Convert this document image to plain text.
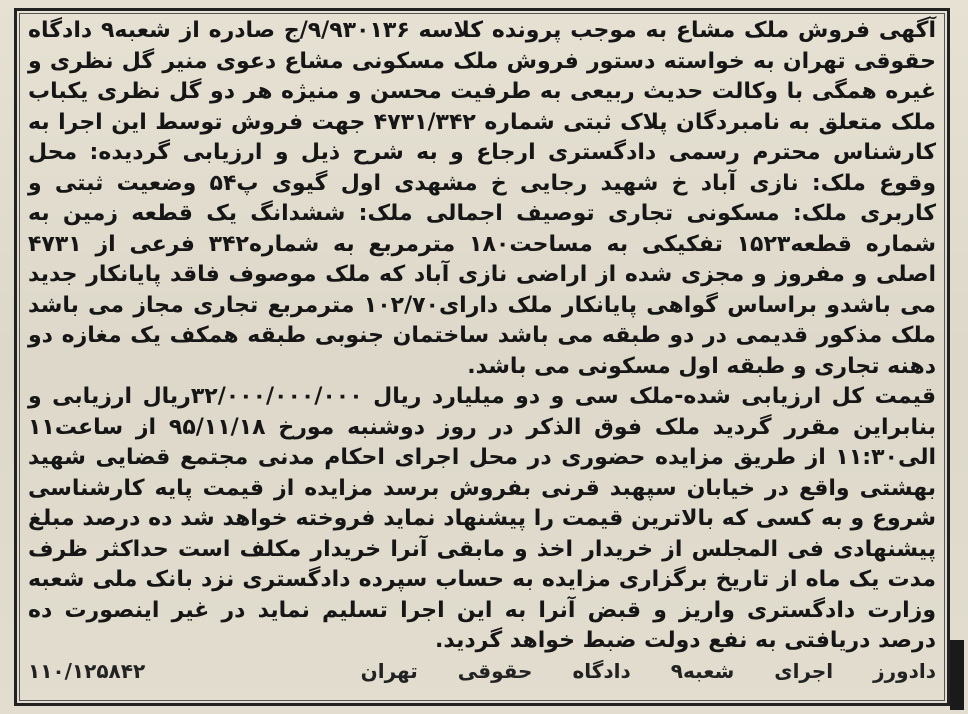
آگهی فروش ملک مشاع به موجب پرونده کلاسه ۹/۹۳۰۱۳۶/ج صادره از شعبه۹ دادگاه حقوقی تهران به خواسته دستور فروش ملک مسکونی مشاع دعوی منیر گل نظری و غیره همگی با وکالت حدیث ربیعی به طرفیت محسن و منیژه هر دو گل نظری یکباب ملک متعلق به نامبردگان پلاک ثبتی شماره ۴۷۳۱/۳۴۲ جهت فروش توسط این اجرا به کارشناس محترم رسمی دادگستری ارجاع و به شرح ذیل و ارزیابی گردیده: محل وقوع ملک: نازی آباد خ شهید رجایی خ مشهدی اول گیوی پ۵۴ وضعیت ثبتی و کاربری ملک: مسکونی تجاری توصیف اجمالی ملک: ششدانگ یک قطعه زمین به شماره قطعه۱۵۲۳ تفکیکی به مساحت۱۸۰ مترمربع به شماره۳۴۲ فرعی از ۴۷۳۱ اصلی و مفروز و مجزی شده از اراضی نازی آباد که ملک موصوف فاقد پایانکار جدید می باشدو براساس گواهی پایانکار ملک دارای۱۰۲/۷۰ مترمربع تجاری مجاز می باشد ملک مذکور قدیمی در دو طبقه می باشد ساختمان جنوبی طبقه همکف یک مغازه دو دهنه تجاری و طبقه اول مسکونی می باشد.

قیمت کل ارزیابی شده-ملک سی و دو میلیارد ریال ۳۲/۰۰۰/۰۰۰/۰۰۰ریال ارزیابی و بنابراین مقرر گردید ملک فوق الذکر در روز دوشنبه مورخ ۹۵/۱۱/۱۸ از ساعت۱۱ الی۱۱:۳۰ از طریق مزایده حضوری در محل اجرای احکام مدنی مجتمع قضایی شهید بهشتی واقع در خیابان سپهبد قرنی بفروش برسد مزایده از قیمت پایه کارشناسی شروع و به کسی که بالاترین قیمت را پیشنهاد نماید فروخته خواهد شد ده درصد مبلغ پیشنهادی فی المجلس از خریدار اخذ و مابقی آنرا خریدار مکلف است حداکثر ظرف مدت یک ماه از تاریخ برگزاری مزایده به حساب سپرده دادگستری نزد بانک ملی شعبه وزارت دادگستری واریز و قبض آنرا به این اجرا تسلیم نماید در غیر اینصورت ده درصد دریافتی به نفع دولت ضبط خواهد گردید.

دادورز
اجرای
شعبه۹
دادگاه
حقوقی
تهران
۱۱۰/۱۲۵۸۴۲
